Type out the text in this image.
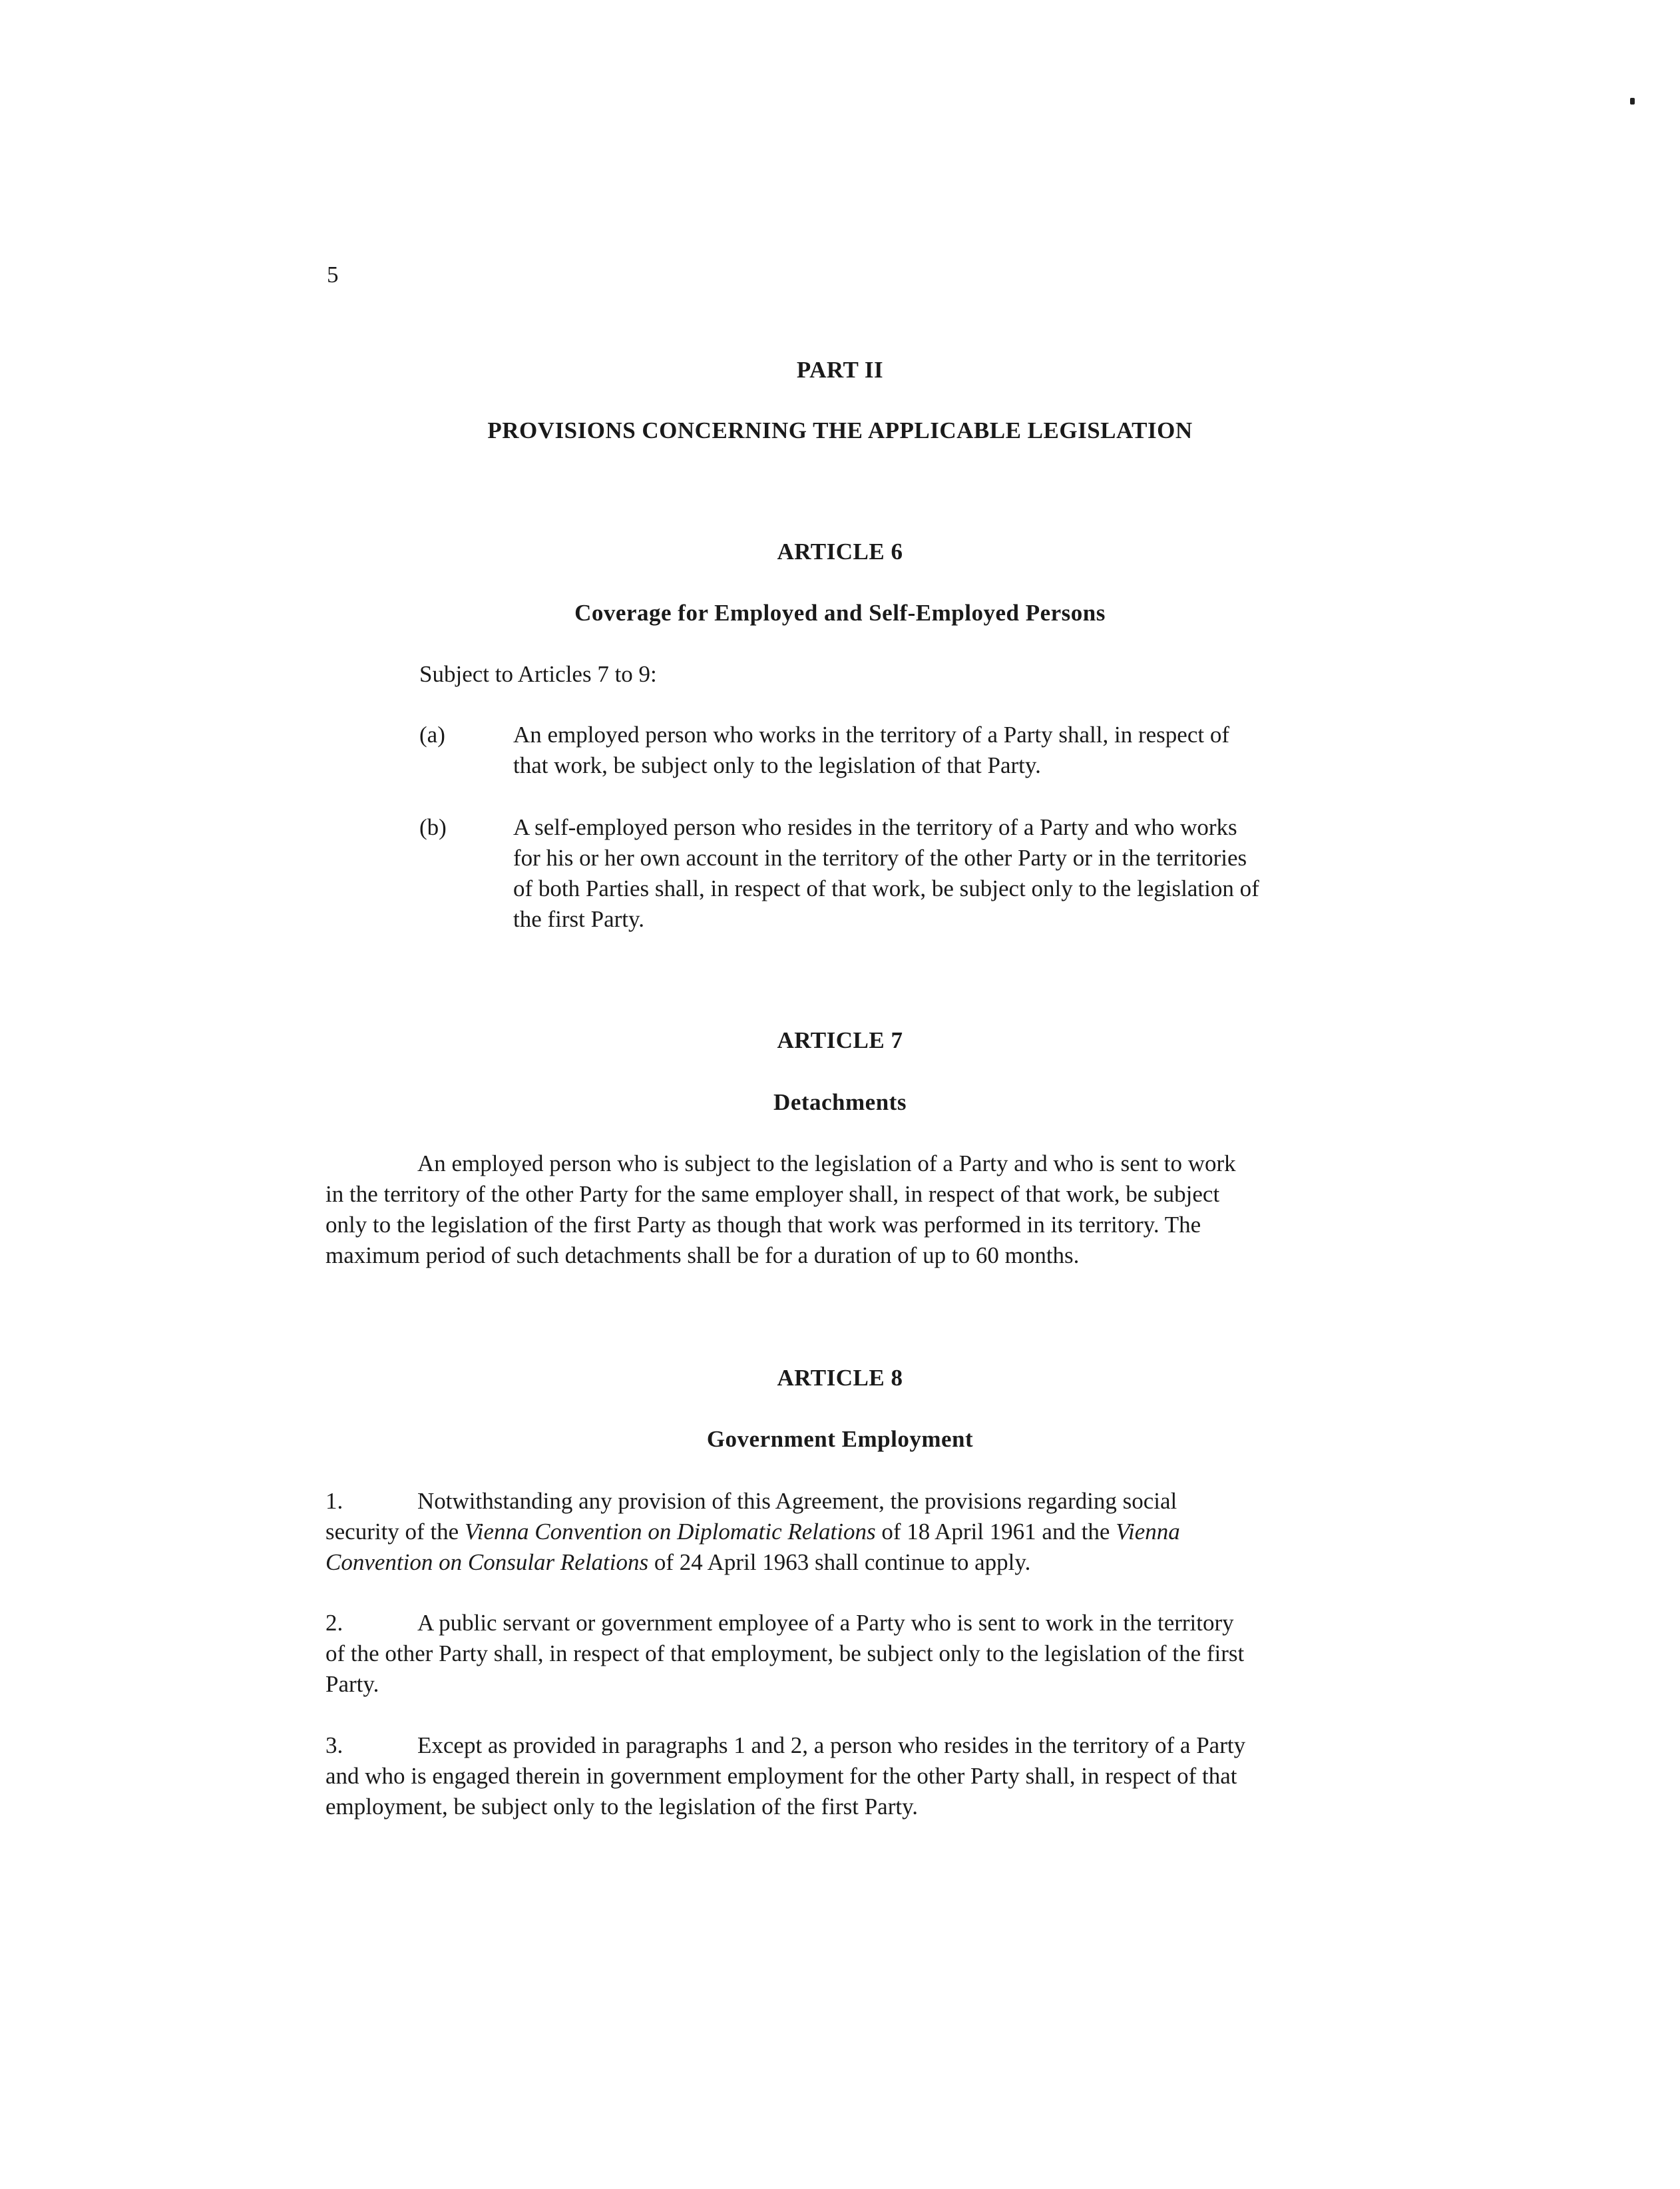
5
PART II
PROVISIONS CONCERNING THE APPLICABLE LEGISLATION
ARTICLE 6
Coverage for Employed and Self-Employed Persons
Subject to Articles 7 to 9:
(a)	An employed person who works in the territory of a Party shall, in respect of
that work, be subject only to the legislation of that Party.
(b)	A self-employed person who resides in the territory of a Party and who works
for his or her own account in the territory of the other Party or in the territories
of both Parties shall, in respect of that work, be subject only to the legislation of
the first Party.
ARTICLE 7
Detachments
An employed person who is subject to the legislation of a Party and who is sent to work
in the territory of the other Party for the same employer shall, in respect of that work, be subject
only to the legislation of the first Party as though that work was performed in its territory. The
maximum period of such detachments shall be for a duration of up to 60 months.
ARTICLE 8
Government Employment
1.	Notwithstanding any provision of this Agreement, the provisions regarding social
security of the Vienna Convention on Diplomatic Relations of 18 April 1961 and the Vienna
Convention on Consular Relations of 24 April 1963 shall continue to apply.
2.	A public servant or government employee of a Party who is sent to work in the territory
of the other Party shall, in respect of that employment, be subject only to the legislation of the first
Party.
3.	Except as provided in paragraphs 1 and 2, a person who resides in the territory of a Party
and who is engaged therein in government employment for the other Party shall, in respect of that
employment, be subject only to the legislation of the first Party.
